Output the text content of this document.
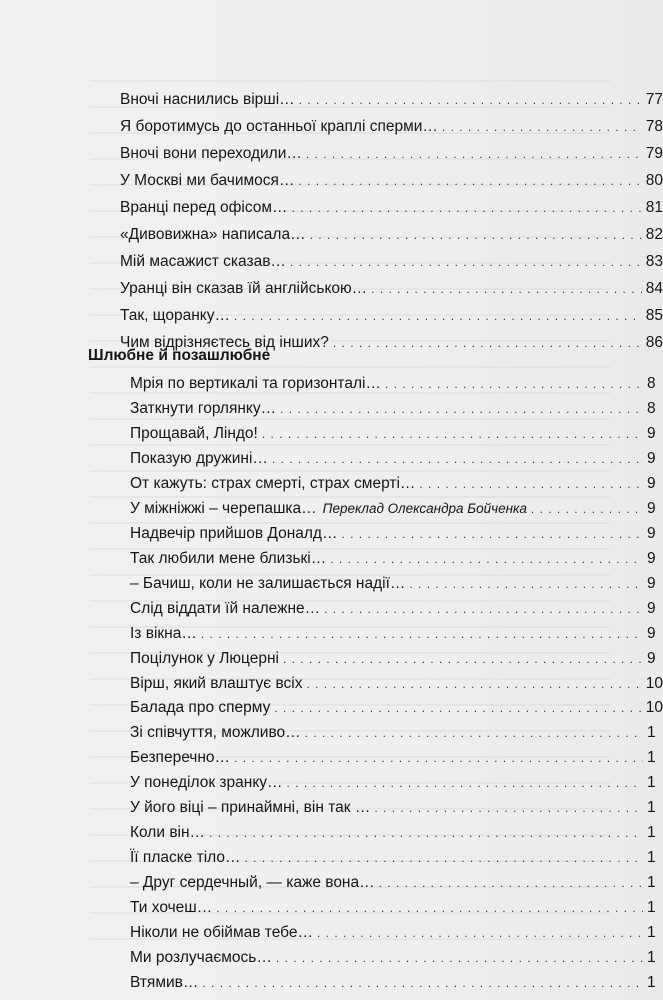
Вночі наснились вірші… . . .	77
Я боротимусь до останньої краплі сперми… . . .	78
Вночі вони переходили… . . .	79
У Москві ми бачимося… . . .	80
Вранці перед офісом… . . .	81
«Дивовижна» написала… . . .	82
Мій масажист сказав… . . .	83
Уранці він сказав їй англійською… . . .	84
Так, щоранку… . . .	85
Чим відрізняєтесь від інших? . . .	86
Шлюбне й позашлюбне
Мрія по вертикалі та горизонталі… . . .	8
Заткнути горлянку… . . .	8
Прощавай, Ліндо! . . .	9
Показую дружині… . . .	9
От кажуть: страх смерті, страх смерті… . . .	9
У міжніжжі – черепашка… Переклад Олександра Бойченка . . .	9
Надвечір прийшов Доналд… . . .	9
Так любили мене близькі… . . .	9
– Бачиш, коли не залишається надії… . . .	9
Слід віддати їй належне… . . .	9
Із вікна… . . .	9
Поцілунок у Люцерні . . .	9
Вірш, який влаштує всіх . . .	10
Балада про сперму . . .	10
Зі співчуття, можливо… . . .	1
Безперечно… . . .	1
У понеділок зранку… . . .	1
У його віці – принаймні, він так … . . .	1
Коли він… . . .	1
Її пласке тіло… . . .	1
– Друг сердечный, — каже вона… . . .	1
Ти хочеш… . . .	1
Ніколи не обіймав тебе… . . .	1
Ми розлучаємось… . . .	1
Втямив… . . .	1
